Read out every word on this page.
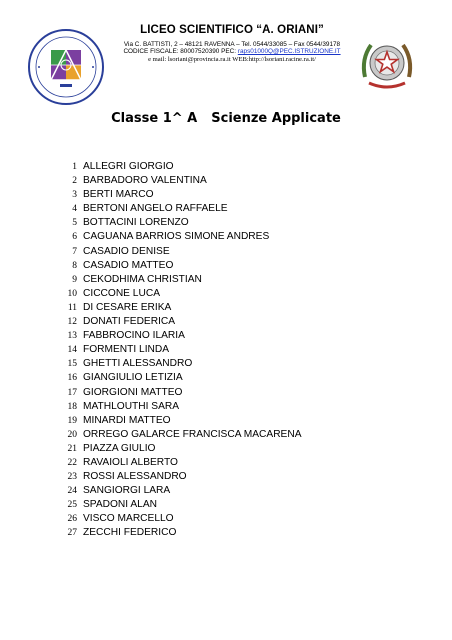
LICEO SCIENTIFICO “A. ORIANI”
Via C. BATTISTI, 2 – 48121 RAVENNA – Tel. 0544/33085 – Fax 0544/39178
CODICE FISCALE: 80007520390 PEC: raps01000Q@PEC.ISTRUZIONE.IT
e mail: lsoriani@provincia.ra.it WEB:http://lsoriani.racine.ra.it/
Classe 1^ A Scienze Applicate
1 ALLEGRI GIORGIO
2 BARBADORO VALENTINA
3 BERTI MARCO
4 BERTONI ANGELO RAFFAELE
5 BOTTACINI LORENZO
6 CAGUANA BARRIOS SIMONE ANDRES
7 CASADIO DENISE
8 CASADIO MATTEO
9 CEKODHIMA CHRISTIAN
10 CICCONE LUCA
11 DI CESARE ERIKA
12 DONATI FEDERICA
13 FABBROCINO ILARIA
14 FORMENTI LINDA
15 GHETTI ALESSANDRO
16 GIANGIULIO LETIZIA
17 GIORGIONI MATTEO
18 MATHLOUTHI SARA
19 MINARDI MATTEO
20 ORREGO GALARCE FRANCISCA MACARENA
21 PIAZZA GIULIO
22 RAVAIOLI ALBERTO
23 ROSSI ALESSANDRO
24 SANGIORGI LARA
25 SPADONI ALAN
26 VISCO MARCELLO
27 ZECCHI FEDERICO
